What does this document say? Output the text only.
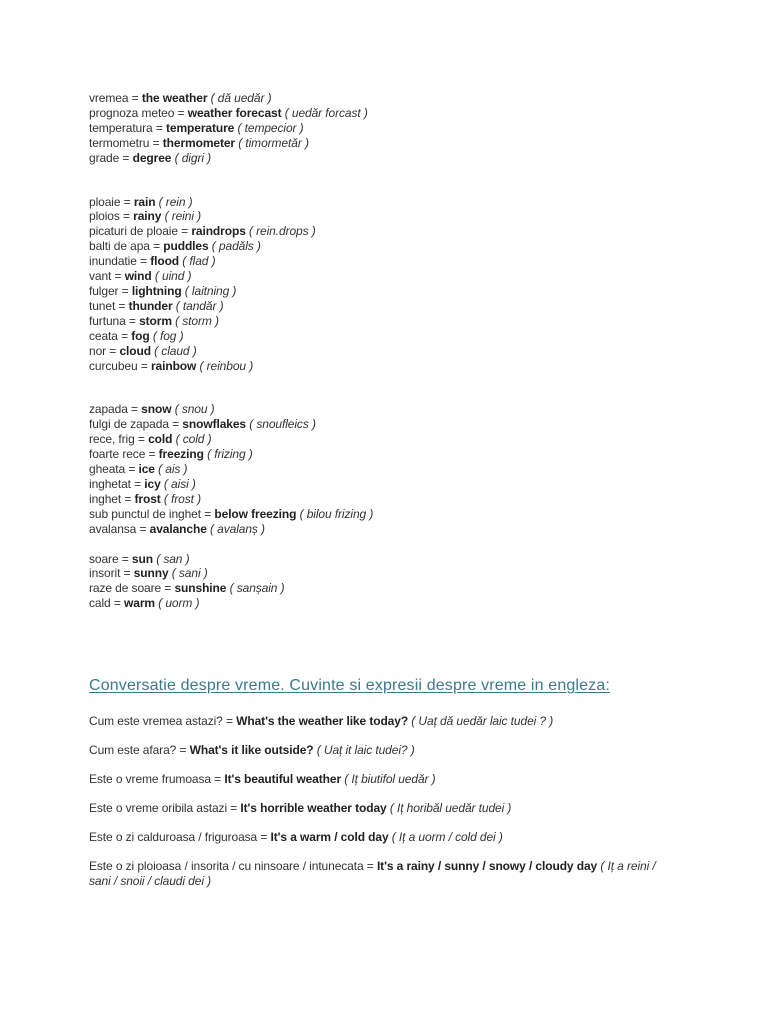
vremea = the weather ( dă uedăr )
prognoza meteo = weather forecast ( uedăr forcast )
temperatura = temperature ( tempecior )
termometru = thermometer ( timormetăr )
grade = degree ( digri )
ploaie = rain ( rein )
ploios = rainy ( reini )
picaturi de ploaie = raindrops ( rein.drops )
balti de apa = puddles ( padăls )
inundatie = flood ( flad )
vant = wind ( uind )
fulger = lightning ( laitning )
tunet = thunder ( tandăr )
furtuna = storm ( storm )
ceata = fog ( fog )
nor = cloud ( claud )
curcubeu = rainbow ( reinbou )
zapada = snow ( snou )
fulgi de zapada = snowflakes ( snoufleics )
rece, frig = cold ( cold )
foarte rece = freezing ( frizing )
gheata = ice ( ais )
inghetat = icy ( aisi )
inghet = frost ( frost )
sub punctul de inghet = below freezing ( bilou frizing )
avalansa = avalanche ( avalanș )
soare = sun ( san )
insorit = sunny ( sani )
raze de soare = sunshine ( sanșain )
cald = warm ( uorm )
Conversatie despre vreme. Cuvinte si expresii despre vreme in engleza:
Cum este vremea astazi? = What's the weather like today? ( Uaț dă uedăr laic tudei ? )
Cum este afara? = What's it like outside? ( Uaț it laic tudei? )
Este o vreme frumoasa = It's beautiful weather ( Iț biutifol uedăr )
Este o vreme oribila astazi = It's horrible weather today ( Iț horibăl uedăr tudei )
Este o zi calduroasa / friguroasa = It's a warm / cold day ( Iț a uorm / cold dei )
Este o zi ploioasa / insorita / cu ninsoare / intunecata = It's a rainy / sunny / snowy / cloudy day ( Iț a reini / sani / snoii / claudi dei )
